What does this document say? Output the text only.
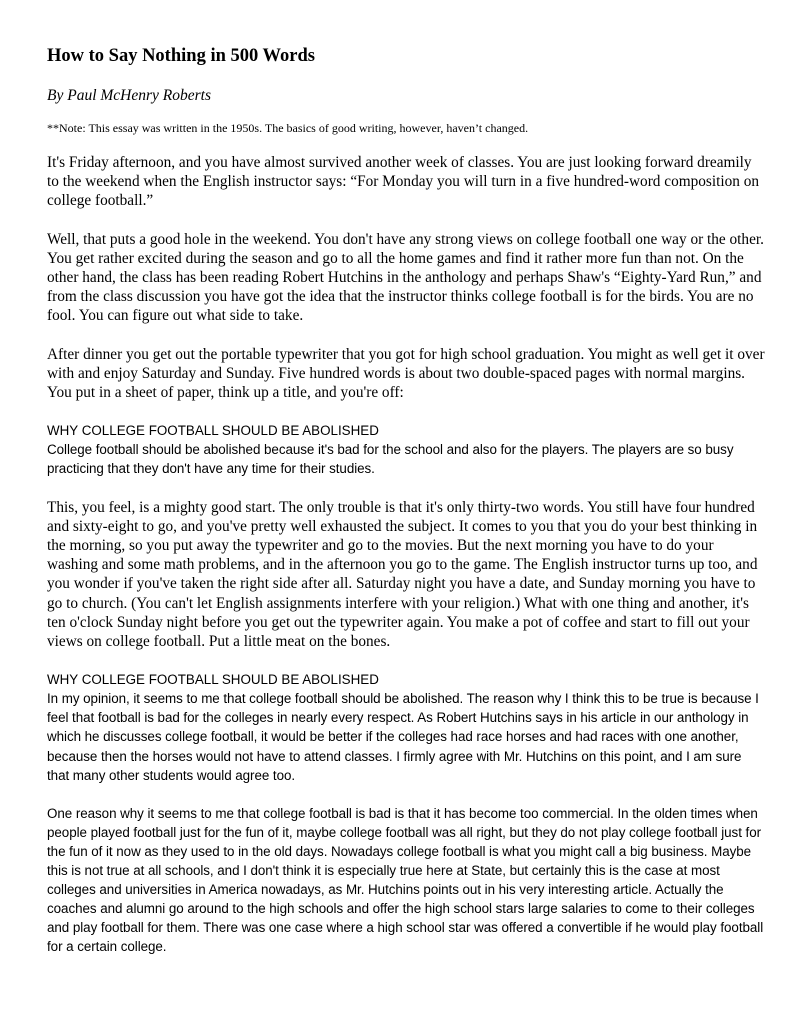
How to Say Nothing in 500 Words
By Paul McHenry Roberts
**Note: This essay was written in the 1950s. The basics of good writing, however, haven’t changed.

It's Friday afternoon, and you have almost survived another week of classes. You are just looking forward dreamily to the weekend when the English instructor says: “For Monday you will turn in a five hundred-word composition on college football.”

Well, that puts a good hole in the weekend. You don't have any strong views on college football one way or the other. You get rather excited during the season and go to all the home games and find it rather more fun than not. On the other hand, the class has been reading Robert Hutchins in the anthology and perhaps Shaw's “Eighty-Yard Run,” and from the class discussion you have got the idea that the instructor thinks college football is for the birds. You are no fool. You can figure out what side to take.

After dinner you get out the portable typewriter that you got for high school graduation. You might as well get it over with and enjoy Saturday and Sunday. Five hundred words is about two double-spaced pages with normal margins. You put in a sheet of paper, think up a title, and you're off:

WHY COLLEGE FOOTBALL SHOULD BE ABOLISHED

College football should be abolished because it's bad for the school and also for the players. The players are so busy practicing that they don't have any time for their studies.

This, you feel, is a mighty good start. The only trouble is that it's only thirty-two words. You still have four hundred and sixty-eight to go, and you've pretty well exhausted the subject. It comes to you that you do your best thinking in the morning, so you put away the typewriter and go to the movies. But the next morning you have to do your washing and some math problems, and in the afternoon you go to the game. The English instructor turns up too, and you wonder if you've taken the right side after all. Saturday night you have a date, and Sunday morning you have to go to church. (You can't let English assignments interfere with your religion.) What with one thing and another, it's ten o'clock Sunday night before you get out the typewriter again. You make a pot of coffee and start to fill out your views on college football. Put a little meat on the bones.

WHY COLLEGE FOOTBALL SHOULD BE ABOLISHED

In my opinion, it seems to me that college football should be abolished. The reason why I think this to be true is because I feel that football is bad for the colleges in nearly every respect. As Robert Hutchins says in his article in our anthology in which he discusses college football, it would be better if the colleges had race horses and had races with one another, because then the horses would not have to attend classes. I firmly agree with Mr. Hutchins on this point, and I am sure that many other students would agree too.

One reason why it seems to me that college football is bad is that it has become too commercial. In the olden times when people played football just for the fun of it, maybe college football was all right, but they do not play college football just for the fun of it now as they used to in the old days. Nowadays college football is what you might call a big business. Maybe this is not true at all schools, and I don't think it is especially true here at State, but certainly this is the case at most colleges and universities in America nowadays, as Mr. Hutchins points out in his very interesting article. Actually the coaches and alumni go around to the high schools and offer the high school stars large salaries to come to their colleges and play football for them. There was one case where a high school star was offered a convertible if he would play football for a certain college.
